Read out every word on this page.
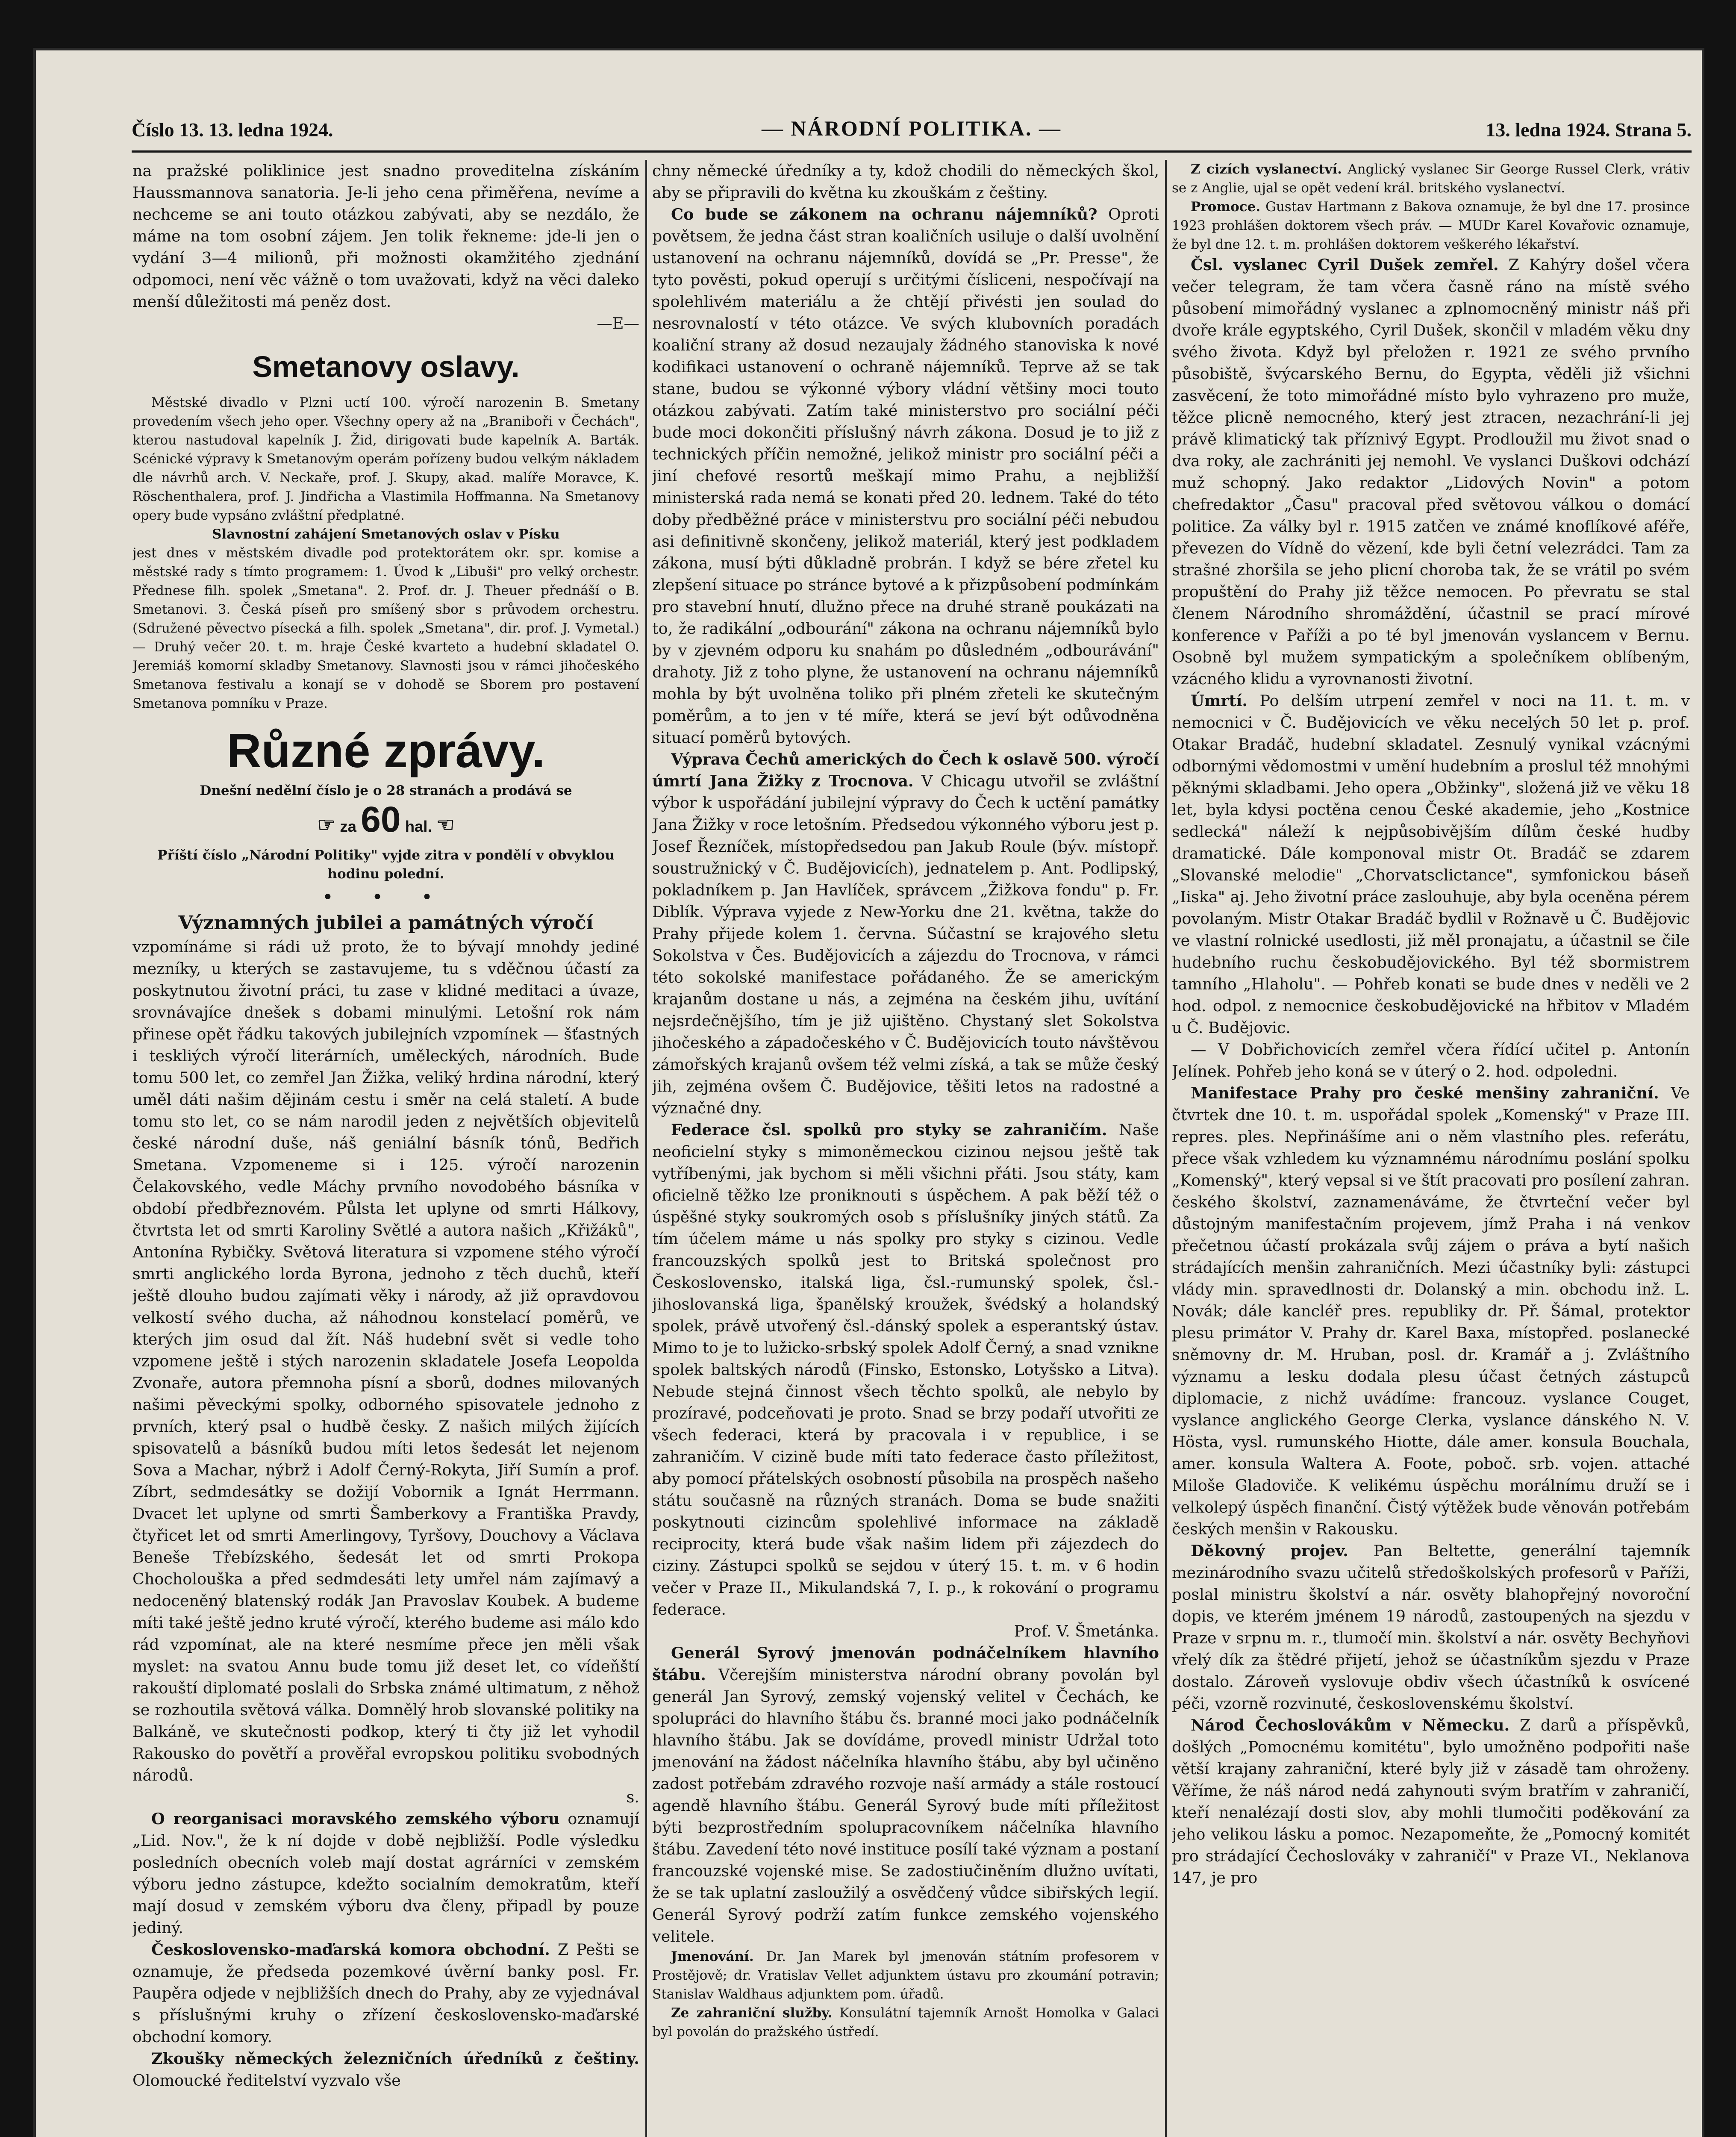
Číslo 13. 13. ledna 1924.	— NÁRODNÍ POLITIKA. —	13. ledna 1924. Strana 5.

na pražské poliklinice jest snadno proveditelna získáním Haussmannova sanatoria. Je-li jeho cena přiměřena, nevíme a nechceme se ani touto otázkou zabývati, aby se nezdálo, že máme na tom osobní zájem. Jen tolik řekneme: jde-li jen o vydání 3—4 milionů, při možnosti okamžitého zjednání odpomoci, není věc vážně o tom uvažovati, když na věci daleko menší důležitosti má peněz dost.

—E—

Smetanovy oslavy.

Městské divadlo v Plzni uctí 100. výročí narozenin B. Smetany provedením všech jeho oper. Všechny opery až na „Braniboři v Čechách", kterou nastudoval kapelník J. Žid, dirigovati bude kapelník A. Barták. Scénické výpravy k Smetanovým operám pořízeny budou velkým nákladem dle návrhů arch. V. Neckaře, prof. J. Skupy, akad. malíře Moravce, K. Röschenthalera, prof. J. Jindřicha a Vlastimila Hoffmanna. Na Smetanovy opery bude vypsáno zvláštní předplatné.

Slavnostní zahájení Smetanových oslav v Písku

jest dnes v městském divadle pod protektorátem okr. spr. komise a městské rady s tímto programem: 1. Úvod k „Libuši" pro velký orchestr. Přednese filh. spolek „Smetana". 2. Prof. dr. J. Theuer přednáší o B. Smetanovi. 3. Česká píseň pro smíšený sbor s průvodem orchestru. (Sdružené pěvectvo písecká a filh. spolek „Smetana", dir. prof. J. Vymetal.) — Druhý večer 20. t. m. hraje České kvarteto a hudební skladatel O. Jeremiáš komorní skladby Smetanovy. Slavnosti jsou v rámci jihočeského Smetanova festivalu a konají se v dohodě se Sborem pro postavení Smetanova pomníku v Praze.

Různé zprávy.

Dnešní nedělní číslo je o 28 stranách a prodává se

☞ za 60 hal. ☜

Příští číslo „Národní Politiky" vyjde zitra v pondělí v obvyklou hodinu polední.

• • •

Významných jubilei a památných výročí

vzpomínáme si rádi už proto, že to bývají mnohdy jediné mezníky, u kterých se zastavujeme, tu s vděčnou účastí za poskytnutou životní práci, tu zase v klidné meditaci a úvaze, srovnávajíce dnešek s dobami minulými. Letošní rok nám přinese opět řádku takových jubilejních vzpomínek — šťastných i teskliých výročí literárních, uměleckých, národních. Bude tomu 500 let, co zemřel Jan Žižka, veliký hrdina národní, který uměl dáti našim dějinám cestu i směr na celá staletí. A bude tomu sto let, co se nám narodil jeden z největších objevitelů české národní duše, náš geniální básník tónů, Bedřich Smetana. Vzpomeneme si i 125. výročí narozenin Čelakovského, vedle Máchy prvního novodobého básníka v období předbřeznovém. Půlsta let uplyne od smrti Hálkovy, čtvrtsta let od smrti Karoliny Světlé a autora našich „Křižáků", Antonína Rybičky. Světová literatura si vzpomene stého výročí smrti anglického lorda Byrona, jednoho z těch duchů, kteří ještě dlouho budou zajímati věky i národy, až již opravdovou velkostí svého ducha, až náhodnou konstelací poměrů, ve kterých jim osud dal žít. Náš hudební svět si vedle toho vzpomene ještě i stých narozenin skladatele Josefa Leopolda Zvonaře, autora přemnoha písní a sborů, dodnes milovaných našimi pěveckými spolky, odborného spisovatele jednoho z prvních, který psal o hudbě česky. Z našich milých žijících spisovatelů a básníků budou míti letos šedesát let nejenom Sova a Machar, nýbrž i Adolf Černý-Rokyta, Jiří Sumín a prof. Zíbrt, sedmdesátky se dožijí Vobornik a Ignát Herrmann. Dvacet let uplyne od smrti Šamberkovy a Františka Pravdy, čtyřicet let od smrti Amerlingovy, Tyršovy, Douchovy a Václava Beneše Třebízského, šedesát let od smrti Prokopa Chocholouška a před sedmdesáti lety umřel nám zajímavý a nedoceněný blatenský rodák Jan Pravoslav Koubek. A budeme míti také ještě jedno kruté výročí, kterého budeme asi málo kdo rád vzpomínat, ale na které nesmíme přece jen měli však myslet: na svatou Annu bude tomu již deset let, co vídeňští rakouští diplomaté poslali do Srbska známé ultimatum, z něhož se rozhoutila světová válka. Domnělý hrob slovanské politiky na Balkáně, ve skutečnosti podkop, který ti čty již let vyhodil Rakousko do povětří a prověřal evropskou politiku svobodných národů.

s.

O reorganisaci moravského zemského výboru oznamují „Lid. Nov.", že k ní dojde v době nejbližší. Podle výsledku posledních obecních voleb mají dostat agrárníci v zemském výboru jedno zástupce, kdežto socialním demokratům, kteří mají dosud v zemském výboru dva členy, připadl by pouze jediný.

Československo-maďarská komora obchodní. Z Pešti se oznamuje, že předseda pozemkové úvěrní banky posl. Fr. Paupěra odjede v nejbližších dnech do Prahy, aby ze vyjednával s příslušnými kruhy o zřízení československo-maďarské obchodní komory.

Zkoušky německých železničních úředníků z češtiny. Olomoucké ředitelství vyzvalo vše

chny německé úředníky a ty, kdož chodili do německých škol, aby se připravili do května ku zkouškám z češtiny.

Co bude se zákonem na ochranu nájemníků? Oproti povětsem, že jedna část stran koaličních usiluje o další uvolnění ustanovení na ochranu nájemníků, dovídá se „Pr. Presse", že tyto pověsti, pokud operují s určitými čísliceni, nespočívají na spolehlivém materiálu a že chtějí přivésti jen soulad do nesrovnalostí v této otázce. Ve svých klubovních poradách koaliční strany až dosud nezaujaly žádného stanoviska k nové kodifikaci ustanovení o ochraně nájemníků. Teprve až se tak stane, budou se výkonné výbory vládní většiny moci touto otázkou zabývati. Zatím také ministerstvo pro sociální péči bude moci dokončiti příslušný návrh zákona. Dosud je to již z technických příčin nemožné, jelikož ministr pro sociální péči a jiní chefové resortů meškají mimo Prahu, a nejbližší ministerská rada nemá se konati před 20. lednem. Také do této doby předběžné práce v ministerstvu pro sociální péči nebudou asi definitivně skončeny, jelikož materiál, který jest podkladem zákona, musí býti důkladně probrán. I když se bére zřetel ku zlepšení situace po stránce bytové a k přizpůsobení podmínkám pro stavební hnutí, dlužno přece na druhé straně poukázati na to, že radikální „odbourání" zákona na ochranu nájemníků bylo by v zjevném odporu ku snahám po důsledném „odbourávání" drahoty. Již z toho plyne, že ustanovení na ochranu nájemníků mohla by být uvolněna toliko při plném zřeteli ke skutečným poměrům, a to jen v té míře, která se jeví být odůvodněna situací poměrů bytových.

Výprava Čechů amerických do Čech k oslavě 500. výročí úmrtí Jana Žižky z Trocnova. V Chicagu utvořil se zvláštní výbor k uspořádání jubilejní výpravy do Čech k uctění památky Jana Žižky v roce letošním. Předsedou výkonného výboru jest p. Josef Řezníček, místopředsedou pan Jakub Roule (býv. místopř. soustružnický v Č. Budějovicích), jednatelem p. Ant. Podlipský, pokladníkem p. Jan Havlíček, správcem „Žižkova fondu" p. Fr. Diblík. Výprava vyjede z New-Yorku dne 21. května, takže do Prahy přijede kolem 1. června. Súčastní se krajového sletu Sokolstva v Čes. Budějovicích a zájezdu do Trocnova, v rámci této sokolské manifestace pořádaného. Že se americkým krajanům dostane u nás, a zejména na českém jihu, uvítání nejsrdečnějšího, tím je již ujištěno. Chystaný slet Sokolstva jihočeského a západočeského v Č. Budějovicích touto návštěvou zámořských krajanů ovšem též velmi získá, a tak se může český jih, zejména ovšem Č. Budějovice, těšiti letos na radostné a význačné dny.

Federace čsl. spolků pro styky se zahraničím. Naše neoficielní styky s mimoněmeckou cizinou nejsou ještě tak vytříbenými, jak bychom si měli všichni přáti. Jsou státy, kam oficielně těžko lze proniknouti s úspěchem. A pak běží též o úspěšné styky soukromých osob s příslušníky jiných států. Za tím účelem máme u nás spolky pro styky s cizinou. Vedle francouzských spolků jest to Britská společnost pro Československo, italská liga, čsl.-rumunský spolek, čsl.-jihoslovanská liga, španělský kroužek, švédský a holandský spolek, právě utvořený čsl.-dánský spolek a esperantský ústav. Mimo to je to lužicko-srbský spolek Adolf Černý, a snad vznikne spolek baltských národů (Finsko, Estonsko, Lotyšsko a Litva). Nebude stejná činnost všech těchto spolků, ale nebylo by prozíravé, podceňovati je proto. Snad se brzy podaří utvořiti ze všech federaci, která by pracovala i v republice, i se zahraničím. V cizině bude míti tato federace často příležitost, aby pomocí přátelských osobností působila na prospěch našeho státu současně na různých stranách. Doma se bude snažiti poskytnouti cizincům spolehlivé informace na základě reciprocity, která bude však našim lidem při zájezdech do ciziny. Zástupci spolků se sejdou v úterý 15. t. m. v 6 hodin večer v Praze II., Mikulandská 7, I. p., k rokování o programu federace.

Prof. V. Šmetánka.

Generál Syrový jmenován podnáčelníkem hlavního štábu. Včerejším ministerstva národní obrany povolán byl generál Jan Syrový, zemský vojenský velitel v Čechách, ke spolupráci do hlavního štábu čs. branné moci jako podnáčelník hlavního štábu. Jak se dovídáme, provedl ministr Udržal toto jmenování na žádost náčelníka hlavního štábu, aby byl učiněno zadost potřebám zdravého rozvoje naší armády a stále rostoucí agendě hlavního štábu. Generál Syrový bude míti příležitost býti bezprostředním spolupracovníkem náčelníka hlavního štábu. Zavedení této nové instituce posílí také význam a postaní francouzské vojenské mise. Se zadostiučiněním dlužno uvítati, že se tak uplatní zasloužilý a osvědčený vůdce sibiřských legií. Generál Syrový podrží zatím funkce zemského vojenského velitele.

Jmenování. Dr. Jan Marek byl jmenován státním profesorem v Prostějově; dr. Vratislav Vellet adjunktem ústavu pro zkoumání potravin; Stanislav Waldhaus adjunktem pom. úřadů.

Ze zahraniční služby. Konsulátní tajemník Arnošt Homolka v Galaci byl povolán do pražského ústředí.

Z cizích vyslanectví. Anglický vyslanec Sir George Russel Clerk, vrátiv se z Anglie, ujal se opět vedení král. britského vyslanectví.

Promoce. Gustav Hartmann z Bakova oznamuje, že byl dne 17. prosince 1923 prohlášen doktorem všech práv. — MUDr Karel Kovařovic oznamuje, že byl dne 12. t. m. prohlášen doktorem veškerého lékařství.

Čsl. vyslanec Cyril Dušek zemřel. Z Kahýry došel včera večer telegram, že tam včera časně ráno na místě svého působení mimořádný vyslanec a zplnomocněný ministr náš při dvoře krále egyptského, Cyril Dušek, skončil v mladém věku dny svého života. Když byl přeložen r. 1921 ze svého prvního působiště, švýcarského Bernu, do Egypta, věděli již všichni zasvěcení, že toto mimořádné místo bylo vyhrazeno pro muže, těžce plicně nemocného, který jest ztracen, nezachrání-li jej právě klimatický tak příznivý Egypt. Prodloužil mu život snad o dva roky, ale zachrániti jej nemohl. Ve vyslanci Duškovi odchází muž schopný. Jako redaktor „Lidových Novin" a potom chefredaktor „Času" pracoval před světovou válkou o domácí politice. Za války byl r. 1915 zatčen ve známé knoflíkové aféře, převezen do Vídně do vězení, kde byli četní velezrádci. Tam za strašné zhoršila se jeho plicní choroba tak, že se vrátil po svém propuštění do Prahy již těžce nemocen. Po převratu se stal členem Národního shromáždění, účastnil se prací mírové konference v Paříži a po té byl jmenován vyslancem v Bernu. Osobně byl mužem sympatickým a společníkem oblíbeným, vzácného klidu a vyrovnanosti životní.

Úmrtí. Po delším utrpení zemřel v noci na 11. t. m. v nemocnici v Č. Budějovicích ve věku necelých 50 let p. prof. Otakar Bradáč, hudební skladatel. Zesnulý vynikal vzácnými odbornými vědomostmi v umění hudebním a proslul též mnohými pěknými skladbami. Jeho opera „Obžinky", složená již ve věku 18 let, byla kdysi poctěna cenou České akademie, jeho „Kostnice sedlecká" náleží k nejpůsobivějším dílům české hudby dramatické. Dále komponoval mistr Ot. Bradáč se zdarem „Slovanské melodie" „Chorvatsclictance", symfonickou báseň „Iiska" aj. Jeho životní práce zaslouhuje, aby byla oceněna pérem povolaným. Mistr Otakar Bradáč bydlil v Rožnavě u Č. Budějovic ve vlastní rolnické usedlosti, již měl pronajatu, a účastnil se čile hudebního ruchu českobudějovického. Byl též sbormistrem tamního „Hlaholu". — Pohřeb konati se bude dnes v neděli ve 2 hod. odpol. z nemocnice českobudějovické na hřbitov v Mladém u Č. Budějovic.

— V Dobřichovicích zemřel včera řídící učitel p. Antonín Jelínek. Pohřeb jeho koná se v úterý o 2. hod. odpoledni.

Manifestace Prahy pro české menšiny zahraniční. Ve čtvrtek dne 10. t. m. uspořádal spolek „Komenský" v Praze III. repres. ples. Nepřinášíme ani o něm vlastního ples. referátu, přece však vzhledem ku významnému národnímu poslání spolku „Komenský", který vepsal si ve štít pracovati pro posílení zahran. českého školství, zaznamenáváme, že čtvrteční večer byl důstojným manifestačním projevem, jímž Praha i ná venkov přečetnou účastí prokázala svůj zájem o práva a bytí našich strádajících menšin zahraničních. Mezi účastníky byli: zástupci vlády min. spravedlnosti dr. Dolanský a min. obchodu inž. L. Novák; dále kancléř pres. republiky dr. Př. Šámal, protektor plesu primátor V. Prahy dr. Karel Baxa, místopřed. poslanecké sněmovny dr. M. Hruban, posl. dr. Kramář a j. Zvláštního významu a lesku dodala plesu účast četných zástupců diplomacie, z nichž uvádíme: francouz. vyslance Couget, vyslance anglického George Clerka, vyslance dánského N. V. Hösta, vysl. rumunského Hiotte, dále amer. konsula Bouchala, amer. konsula Waltera A. Foote, poboč. srb. vojen. attaché Miloše Gladoviče. K velikému úspěchu morálnímu druží se i velkolepý úspěch finanční. Čistý výtěžek bude věnován potřebám českých menšin v Rakousku.

Děkovný projev. Pan Beltette, generální tajemník mezinárodního svazu učitelů středoškolských profesorů v Paříži, poslal ministru školství a nár. osvěty blahopřejný novoroční dopis, ve kterém jménem 19 národů, zastoupených na sjezdu v Praze v srpnu m. r., tlumočí min. školství a nár. osvěty Bechyňovi vřelý dík za štědré přijetí, jehož se účastníkům sjezdu v Praze dostalo. Zároveň vyslovuje obdiv všech účastníků k osvícené péči, vzorně rozvinuté, československému školství.

Národ Čechoslovákům v Německu. Z darů a příspěvků, došlých „Pomocnému komitétu", bylo umožněno podpořiti naše větší krajany zahraniční, které byly již v zásadě tam ohroženy. Věříme, že náš národ nedá zahynouti svým bratřím v zahraničí, kteří nenalézají dosti slov, aby mohli tlumočiti poděkování za jeho velikou lásku a pomoc. Nezapomeňte, že „Pomocný komitét pro strádající Čechoslováky v zahraničí" v Praze VI., Neklanova 147, je pro
